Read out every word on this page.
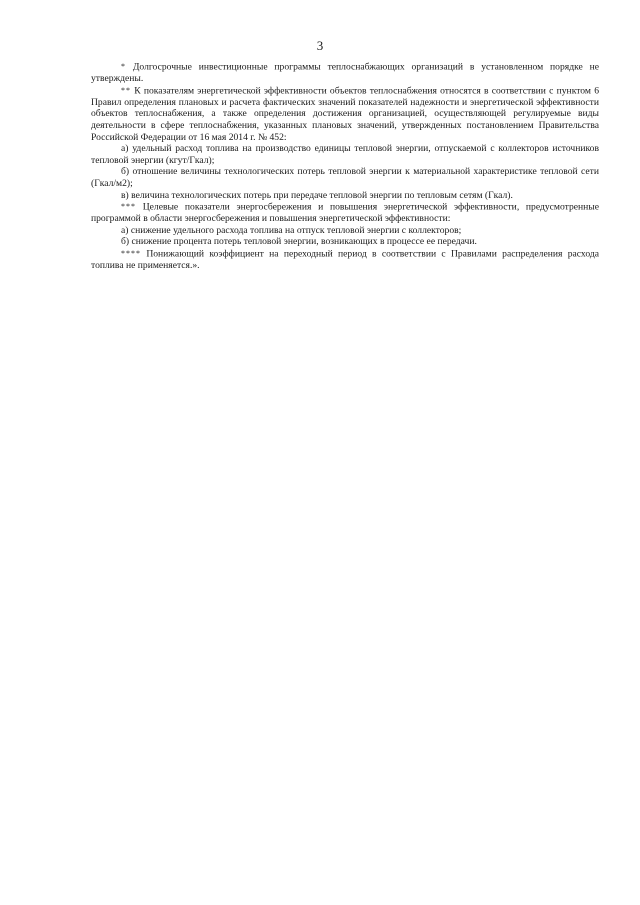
3

* Долгосрочные инвестиционные программы теплоснабжающих организаций в установленном порядке не утверждены.

** К показателям энергетической эффективности объектов теплоснабжения относятся в соответствии с пунктом 6 Правил определения плановых и расчета фактических значений показателей надежности и энергетической эффективности объектов теплоснабжения, а также определения достижения организацией, осуществляющей регулируемые виды деятельности в сфере теплоснабжения, указанных плановых значений, утвержденных постановлением Правительства Российской Федерации от 16 мая 2014 г. № 452:

а) удельный расход топлива на производство единицы тепловой энергии, отпускаемой с коллекторов источников тепловой энергии (кгут/Гкал);

б) отношение величины технологических потерь тепловой энергии к материальной характеристике тепловой сети (Гкал/м2);

в) величина технологических потерь при передаче тепловой энергии по тепловым сетям (Гкал).

*** Целевые показатели энергосбережения и повышения энергетической эффективности, предусмотренные программой в области энергосбережения и повышения энергетической эффективности:

а) снижение удельного расхода топлива на отпуск тепловой энергии с коллекторов;

б) снижение процента потерь тепловой энергии, возникающих в процессе ее передачи.

**** Понижающий коэффициент на переходный период в соответствии с Правилами распределения расхода топлива не применяется.».
